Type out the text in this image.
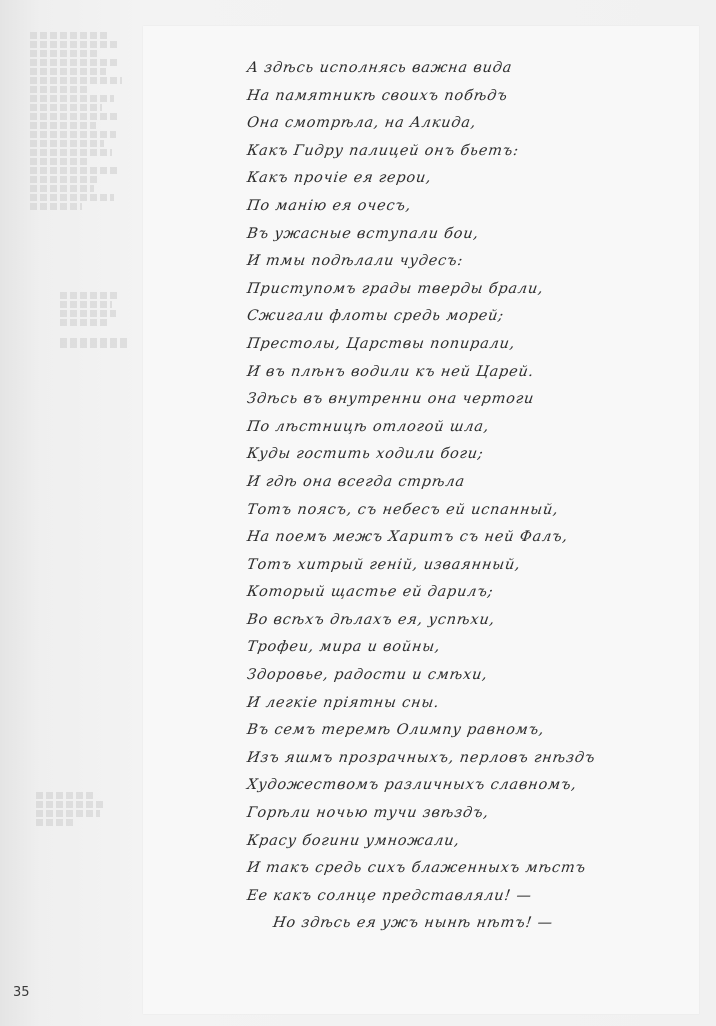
А здѣсь исполнясь важна вида
На памятникѣ своихъ побѣдъ
Она смотрѣла, на Алкида,
Какъ Гидру палицей онъ бьетъ:
Какъ прочiе ея герои,
По манiю ея очесъ,
Въ ужасные вступали бои,
И тмы подѣлали чудесъ:
Приступомъ грады тверды брали,
Сжигали флоты средь морей;
Престолы, Царствы попирали,
И въ плѣнъ водили къ ней Царей.
Здѣсь въ внутренни она чертоги
По лѣстницѣ отлогой шла,
Куды гостить ходили боги;
И гдѣ она всегда стрѣла
Тотъ поясъ, съ небесъ ей испанный,
На поемъ межъ Харитъ съ ней Фалъ,
Тотъ хитрый генiй, изваянный,
Который щастье ей дарилъ;
Во всѣхъ дѣлахъ ея, успѣхи,
Трофеи, мира и войны,
Здоровье, радости и смѣхи,
И легкiе прiятны сны.
Въ семъ теремѣ Олимпу равномъ,
Изъ яшмъ прозрачныхъ, перловъ гнѣздъ
Художествомъ различныхъ славномъ,
Горѣли ночью тучи звѣздъ,
Красу богини умножали,
И такъ средь сихъ блаженныхъ мѣстъ
Ее какъ солнце представляли! —
Но здѣсь ея ужъ нынѣ нѣтъ! —
35
